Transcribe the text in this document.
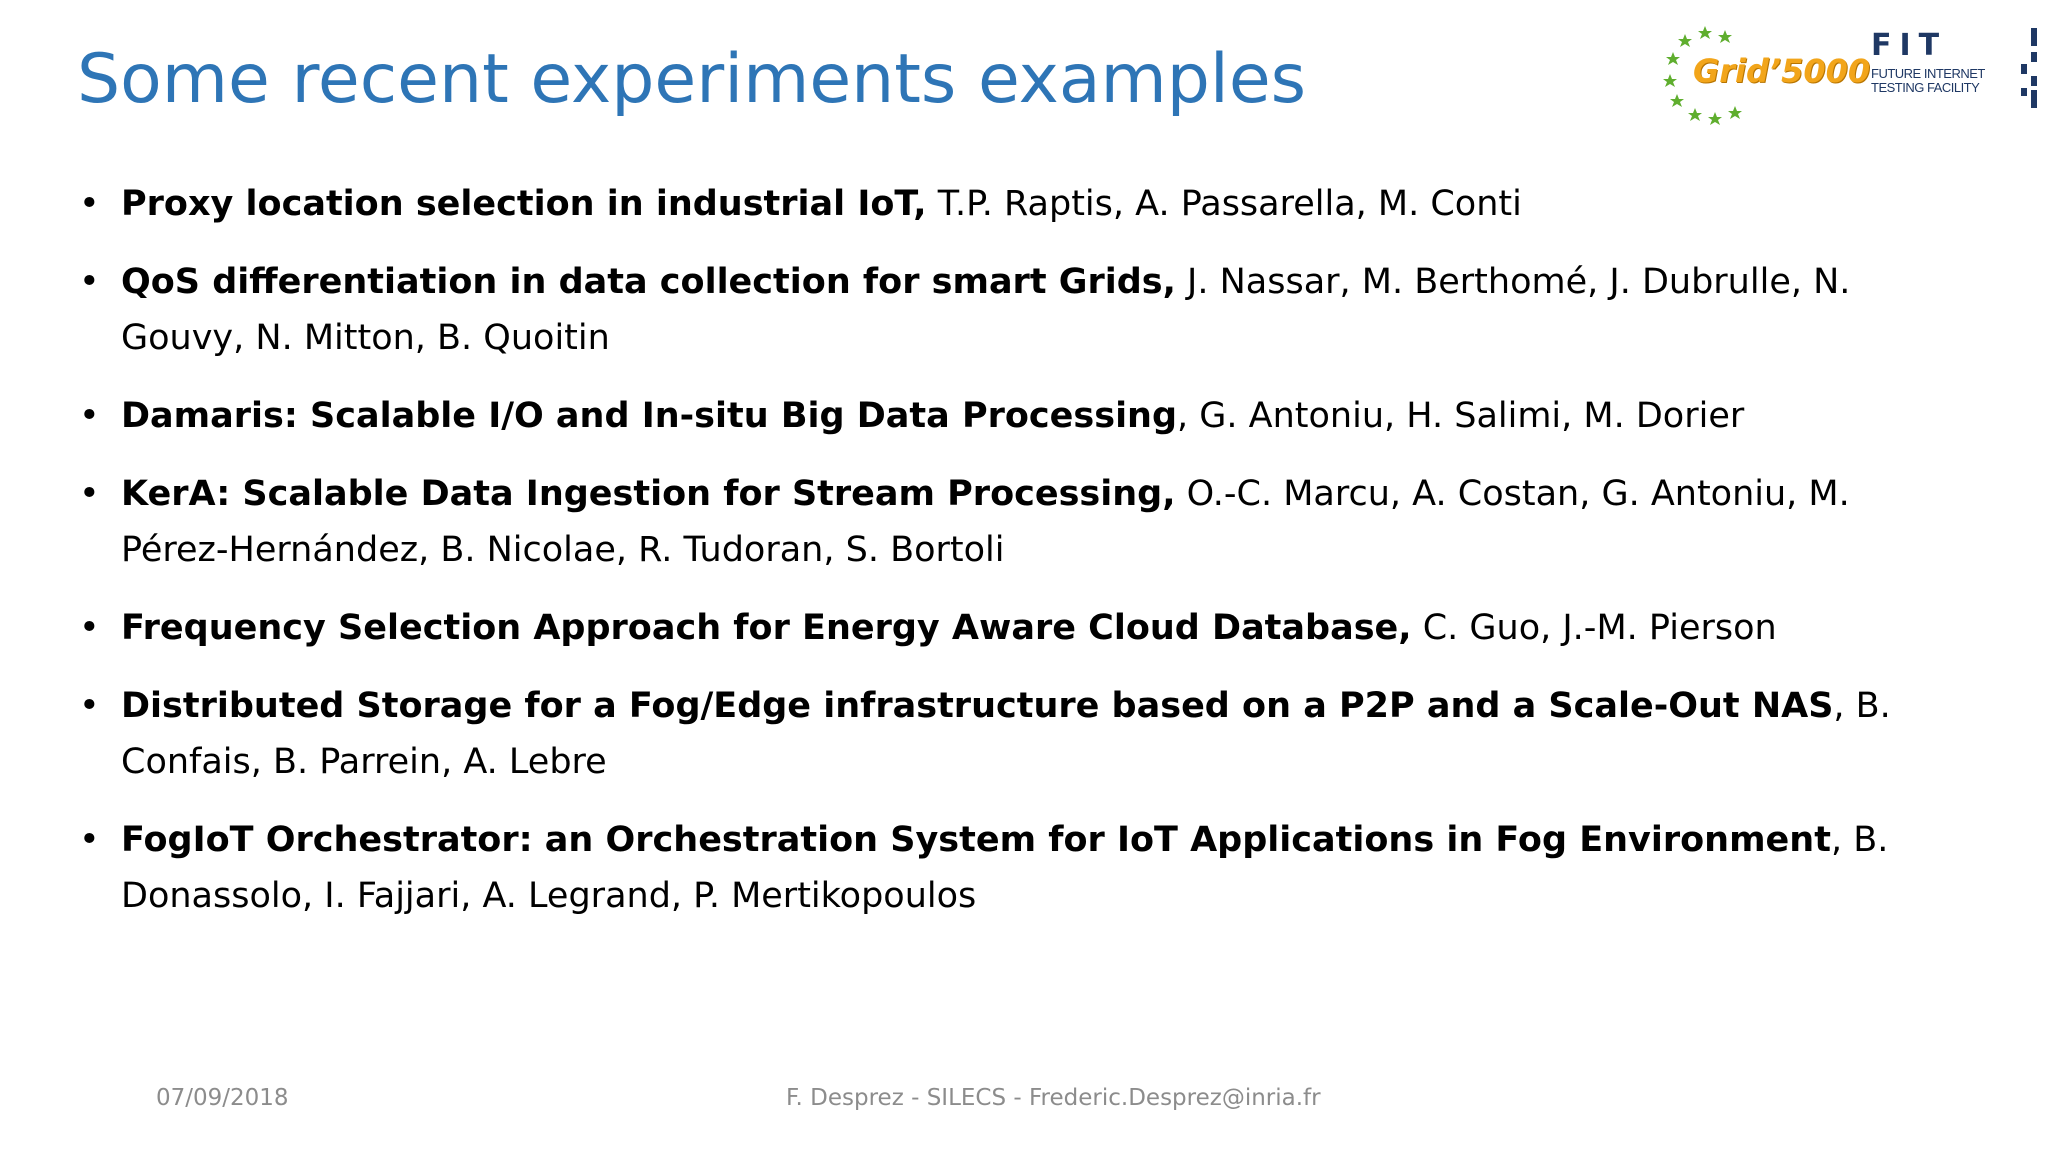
Some recent experiments examples	Grid’5000
FIT
FUTURE INTERNET
TESTING FACILITY
• Proxy location selection in industrial IoT, T.P. Raptis, A. Passarella, M. Conti
• QoS differentiation in data collection for smart Grids, J. Nassar, M. Berthomé, J. Dubrulle, N. Gouvy, N. Mitton, B. Quoitin
• Damaris: Scalable I/O and In-situ Big Data Processing, G. Antoniu, H. Salimi, M. Dorier
• KerA: Scalable Data Ingestion for Stream Processing, O.-C. Marcu, A. Costan, G. Antoniu, M. Pérez-Hernández, B. Nicolae, R. Tudoran, S. Bortoli
• Frequency Selection Approach for Energy Aware Cloud Database, C. Guo, J.-M. Pierson
• Distributed Storage for a Fog/Edge infrastructure based on a P2P and a Scale-Out NAS, B. Confais, B. Parrein, A. Lebre
• FogIoT Orchestrator: an Orchestration System for IoT Applications in Fog Environment, B. Donassolo, I. Fajjari, A. Legrand, P. Mertikopoulos
07/09/2018	F. Desprez - SILECS - Frederic.Desprez@inria.fr
